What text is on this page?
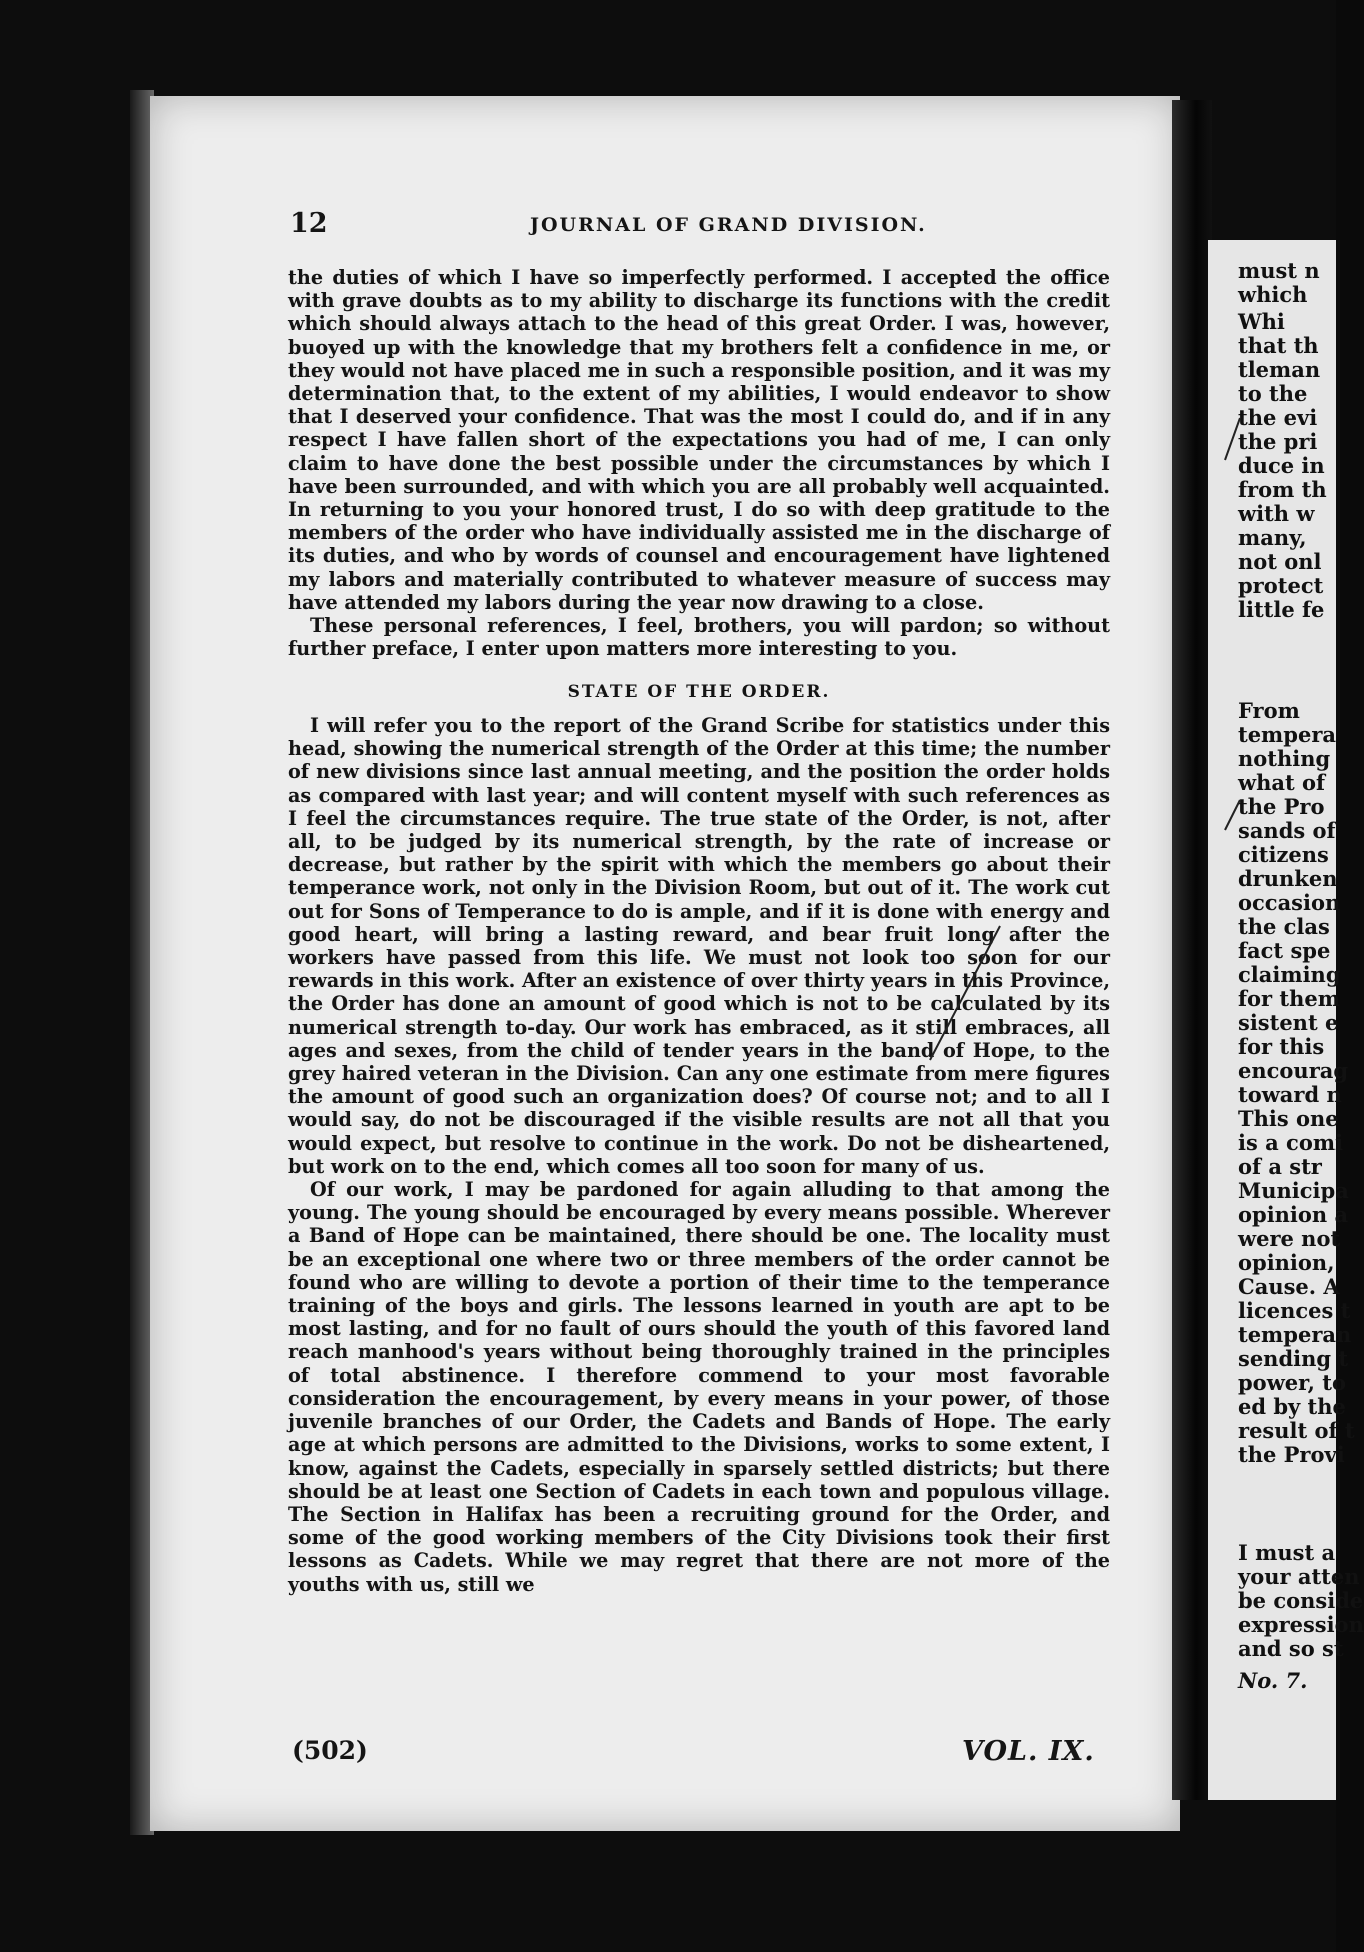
12	JOURNAL OF GRAND DIVISION.

the duties of which I have so imperfectly performed. I accepted the office with grave doubts as to my ability to discharge its functions with the credit which should always attach to the head of this great Order. I was, however, buoyed up with the knowledge that my brothers felt a confidence in me, or they would not have placed me in such a responsible position, and it was my determination that, to the extent of my abilities, I would endeavor to show that I deserved your confidence. That was the most I could do, and if in any respect I have fallen short of the expectations you had of me, I can only claim to have done the best possible under the circumstances by which I have been surrounded, and with which you are all probably well acquainted. In returning to you your honored trust, I do so with deep gratitude to the members of the order who have individually assisted me in the discharge of its duties, and who by words of counsel and encouragement have lightened my labors and materially contributed to whatever measure of success may have attended my labors during the year now drawing to a close.

These personal references, I feel, brothers, you will pardon; so without further preface, I enter upon matters more interesting to you.

STATE OF THE ORDER.

I will refer you to the report of the Grand Scribe for statistics under this head, showing the numerical strength of the Order at this time; the number of new divisions since last annual meeting, and the position the order holds as compared with last year; and will content myself with such references as I feel the circumstances require. The true state of the Order, is not, after all, to be judged by its numerical strength, by the rate of increase or decrease, but rather by the spirit with which the members go about their temperance work, not only in the Division Room, but out of it. The work cut out for Sons of Temperance to do is ample, and if it is done with energy and good heart, will bring a lasting reward, and bear fruit long after the workers have passed from this life. We must not look too soon for our rewards in this work. After an existence of over thirty years in this Province, the Order has done an amount of good which is not to be calculated by its numerical strength to-day. Our work has embraced, as it still embraces, all ages and sexes, from the child of tender years in the band of Hope, to the grey haired veteran in the Division. Can any one estimate from mere figures the amount of good such an organization does? Of course not; and to all I would say, do not be discouraged if the visible results are not all that you would expect, but resolve to continue in the work. Do not be disheartened, but work on to the end, which comes all too soon for many of us.

Of our work, I may be pardoned for again alluding to that among the young. The young should be encouraged by every means possible. Wherever a Band of Hope can be maintained, there should be one. The locality must be an exceptional one where two or three members of the order cannot be found who are willing to devote a portion of their time to the temperance training of the boys and girls. The lessons learned in youth are apt to be most lasting, and for no fault of ours should the youth of this favored land reach manhood's years without being thoroughly trained in the principles of total abstinence. I therefore commend to your most favorable consideration the encouragement, by every means in your power, of those juvenile branches of our Order, the Cadets and Bands of Hope. The early age at which persons are admitted to the Divisions, works to some extent, I know, against the Cadets, especially in sparsely settled districts; but there should be at least one Section of Cadets in each town and populous village. The Section in Halifax has been a recruiting ground for the Order, and some of the good working members of the City Divisions took their first lessons as Cadets. While we may regret that there are not more of the youths with us, still we

(502)	VOL. IX.
must n
which
Whi
that th
tleman
to the
the evi
the pri
duce in
from th
with w
many,
not onl
protect
little fe
From
tempera
nothing
what of
the Pro
sands of
citizens
drunken
occasion
the clas
fact spe
claiming
for them
sistent e
for this
encourag
toward n
This one
is a comi
of a str
Municipa
opinion a
were not
opinion,
Cause. A
licences t
temperan
sending t
power, to
ed by the
result of t
the Provi
I must a
your atten
be conside
expression
and so st
No. 7.
